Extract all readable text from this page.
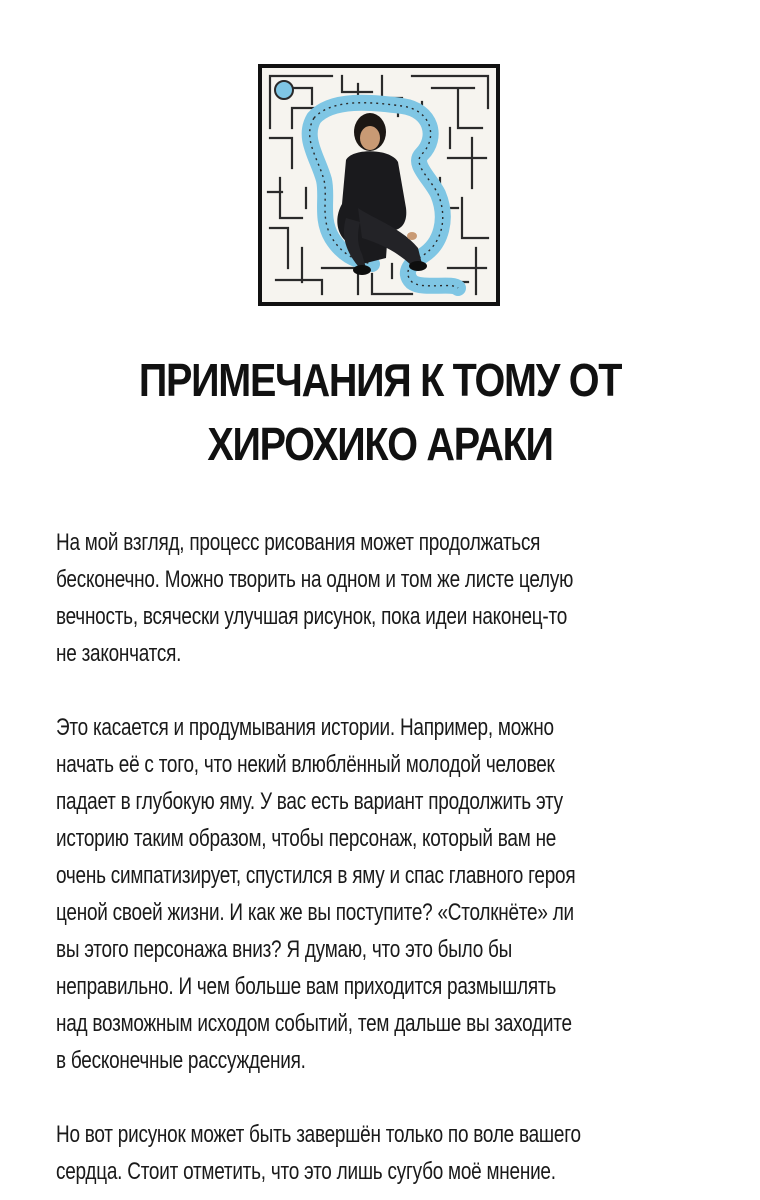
ПРИМЕЧАНИЯ К ТОМУ ОТ
ХИРОХИКО АРАКИ

На мой взгляд, процесс рисования может продолжаться
бесконечно. Можно творить на одном и том же листе целую
вечность, всячески улучшая рисунок, пока идеи наконец-то
не закончатся.

Это касается и продумывания истории. Например, можно
начать её с того, что некий влюблённый молодой человек
падает в глубокую яму. У вас есть вариант продолжить эту
историю таким образом, чтобы персонаж, который вам не
очень симпатизирует, спустился в яму и спас главного героя
ценой своей жизни. И как же вы поступите? «Столкнёте» ли
вы этого персонажа вниз? Я думаю, что это было бы
неправильно. И чем больше вам приходится размышлять
над возможным исходом событий, тем дальше вы заходите
в бесконечные рассуждения.

Но вот рисунок может быть завершён только по воле вашего
сердца. Стоит отметить, что это лишь сугубо моё мнение.
